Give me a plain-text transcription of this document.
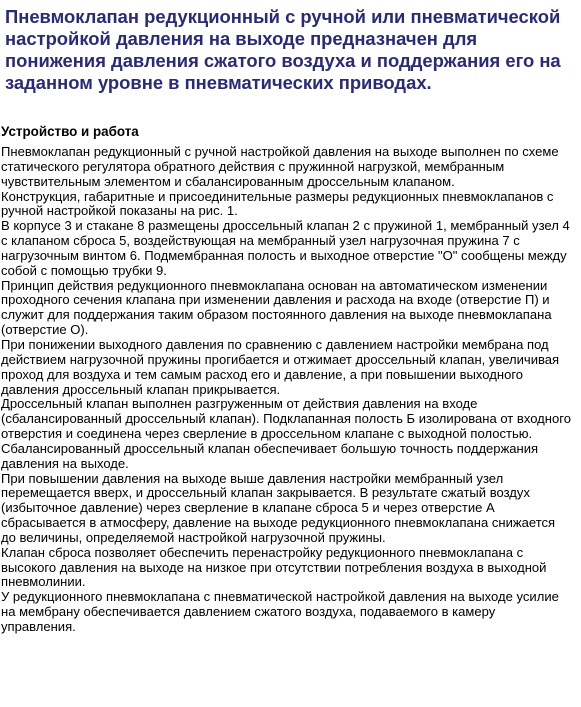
Пневмоклапан редукционный с ручной или пневматической настройкой давления на выходе предназначен для понижения давления сжатого воздуха и поддержания его на заданном уровне в пневматических приводах.
Устройство и работа

Пневмоклапан редукционный с ручной настройкой давления на выходе выполнен по схеме статического регулятора обратного действия с пружинной нагрузкой, мембранным чувствительным элементом и сбалансированным дроссельным клапаном.

Конструкция, габаритные и присоединительные размеры редукционных пневмоклапанов с ручной настройкой показаны на рис. 1.

В корпусе 3 и стакане 8 размещены дроссельный клапан 2 с пружиной 1, мембранный узел 4 с клапаном сброса 5, воздействующая на мембранный узел нагрузочная пружина 7 с нагрузочным винтом 6. Подмембранная полость и выходное отверстие "О" сообщены между собой с помощью трубки 9.

Принцип действия редукционного пневмоклапана основан на автоматическом изменении проходного сечения клапана при изменении давления и расхода на входе (отверстие П) и служит для поддержания таким образом постоянного давления на выходе пневмоклапана (отверстие О).

При понижении выходного давления по сравнению с давлением настройки мембрана под действием нагрузочной пружины прогибается и отжимает дроссельный клапан, увеличивая проход для воздуха и тем самым расход его и давление, а при повышении выходного давления дроссельный клапан прикрывается.

Дроссельный клапан выполнен разгруженным от действия давления на входе (сбалансированный дроссельный клапан). Подклапанная полость Б изолирована от входного отверстия и соединена через сверление в дроссельном клапане с выходной полостью. Сбалансированный дроссельный клапан обеспечивает большую точность поддержания давления на выходе.

При повышении давления на выходе выше давления настройки мембранный узел перемещается вверх, и дроссельный клапан закрывается. В результате сжатый воздух (избыточное давление) через сверление в клапане сброса 5 и через отверстие А сбрасывается в атмосферу, давление на выходе редукционного пневмоклапана снижается до величины, определяемой настройкой нагрузочной пружины.

Клапан сброса позволяет обеспечить перенастройку редукционного пневмоклапана с высокого давления на выходе на низкое при отсутствии потребления воздуха в выходной пневмолинии.

У редукционного пневмоклапана с пневматической настройкой давления на выходе усилие на мембрану обеспечивается давлением сжатого воздуха, подаваемого в камеру управления.
